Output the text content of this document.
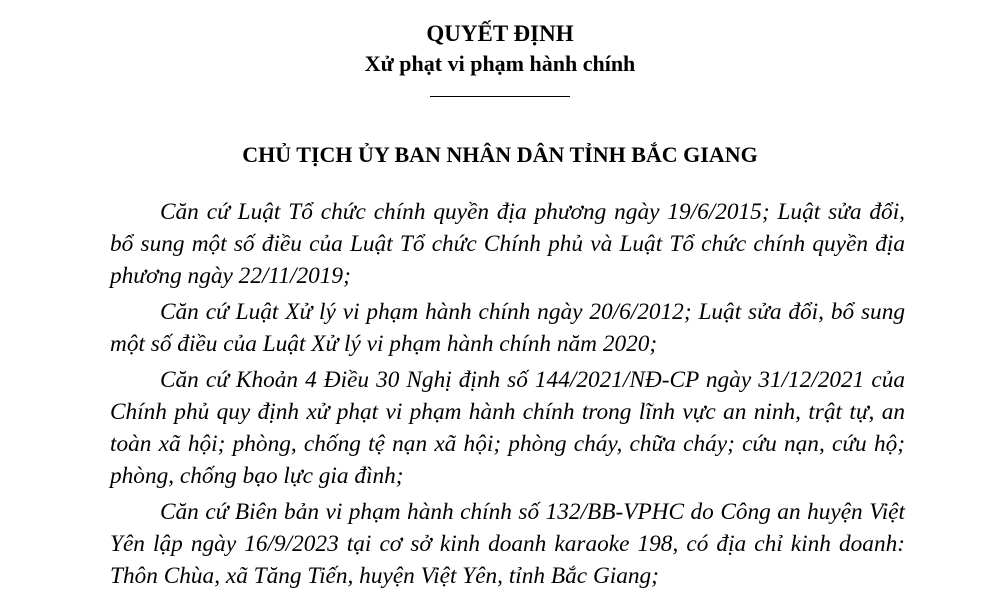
QUYẾT ĐỊNH
Xử phạt vi phạm hành chính
CHỦ TỊCH ỦY BAN NHÂN DÂN TỈNH BẮC GIANG

Căn cứ Luật Tổ chức chính quyền địa phương ngày 19/6/2015; Luật sửa đổi, bổ sung một số điều của Luật Tổ chức Chính phủ và Luật Tổ chức chính quyền địa phương ngày 22/11/2019;

Căn cứ Luật Xử lý vi phạm hành chính ngày 20/6/2012; Luật sửa đổi, bổ sung một số điều của Luật Xử lý vi phạm hành chính năm 2020;

Căn cứ Khoản 4 Điều 30 Nghị định số 144/2021/NĐ-CP ngày 31/12/2021 của Chính phủ quy định xử phạt vi phạm hành chính trong lĩnh vực an ninh, trật tự, an toàn xã hội; phòng, chống tệ nạn xã hội; phòng cháy, chữa cháy; cứu nạn, cứu hộ; phòng, chống bạo lực gia đình;

Căn cứ Biên bản vi phạm hành chính số 132/BB-VPHC do Công an huyện Việt Yên lập ngày 16/9/2023 tại cơ sở kinh doanh karaoke 198, có địa chỉ kinh doanh: Thôn Chùa, xã Tăng Tiến, huyện Việt Yên, tỉnh Bắc Giang;
